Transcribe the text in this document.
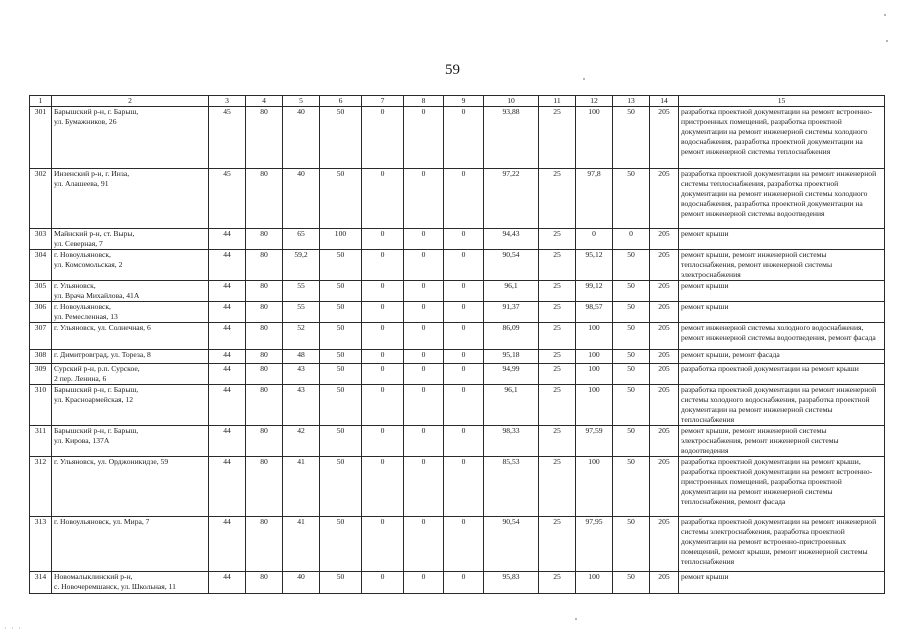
59
1	2	3	4	5	6	7	8	9	10	11	12	13	14	15
301	Барышский р-н, г. Барыш,
ул. Бумажников, 26	45	80	40	50	0	0	0	93,88	25	100	50	205	разработка проектной документации на ремонт встроенно-пристроенных помещений, разработка проектной документации на ремонт инженерной системы холодного водоснабжения, разработка проектной документации на ремонт инженерной системы теплоснабжения
302	Инзенский р-н, г. Инза,
ул. Алашеева, 91	45	80	40	50	0	0	0	97,22	25	97,8	50	205	разработка проектной документации на ремонт инженерной системы теплоснабжения, разработка проектной документации на ремонт инженерной системы холодного водоснабжения, разработка проектной документации на ремонт инженерной системы водоотведения
303	Майнский р-н, ст. Выры,
ул. Северная, 7	44	80	65	100	0	0	0	94,43	25	0	0	205	ремонт крыши
304	г. Новоульяновск,
ул. Комсомольская, 2	44	80	59,2	50	0	0	0	90,54	25	95,12	50	205	ремонт крыши, ремонт инженерной системы теплоснабжения, ремонт инженерной системы электроснабжения
305	г. Ульяновск,
ул. Врача Михайлова, 41А	44	80	55	50	0	0	0	96,1	25	99,12	50	205	ремонт крыши
306	г. Новоульяновск,
ул. Ремесленная, 13	44	80	55	50	0	0	0	91,37	25	98,57	50	205	ремонт крыши
307	г. Ульяновск, ул. Солнечная, 6	44	80	52	50	0	0	0	86,09	25	100	50	205	ремонт инженерной системы холодного водоснабжения, ремонт инженерной системы водоотведения, ремонт фасада
308	г. Димитровград, ул. Тореза, 8	44	80	48	50	0	0	0	95,18	25	100	50	205	ремонт крыши, ремонт фасада
309	Сурский р-н, р.п. Сурское,
2 пер. Ленина, 6	44	80	43	50	0	0	0	94,99	25	100	50	205	разработка проектной документации на ремонт крыши
310	Барышский р-н, г. Барыш,
ул. Красноармейская, 12	44	80	43	50	0	0	0	96,1	25	100	50	205	разработка проектной документации на ремонт инженерной системы холодного водоснабжения, разработка проектной документации на ремонт инженерной системы теплоснабжения
311	Барышский р-н, г. Барыш,
ул. Кирова, 137А	44	80	42	50	0	0	0	98,33	25	97,59	50	205	ремонт крыши, ремонт инженерной системы электроснабжения, ремонт инженерной системы водоотведения
312	г. Ульяновск, ул. Орджоникидзе, 59	44	80	41	50	0	0	0	85,53	25	100	50	205	разработка проектной документации на ремонт крыши, разработка проектной документации на ремонт встроенно-пристроенных помещений, разработка проектной документации на ремонт инженерной системы теплоснабжения, ремонт фасада
313	г. Новоульяновск, ул. Мира, 7	44	80	41	50	0	0	0	90,54	25	97,95	50	205	разработка проектной документации на ремонт инженерной системы электроснабжения, разработка проектной документации на ремонт встроенно-пристроенных помещений, ремонт крыши, ремонт инженерной системы теплоснабжения
314	Новомалыклинский р-н,
с. Новочеремшанск, ул. Школьная, 11	44	80	40	50	0	0	0	95,83	25	100	50	205	ремонт крыши
· · ·
